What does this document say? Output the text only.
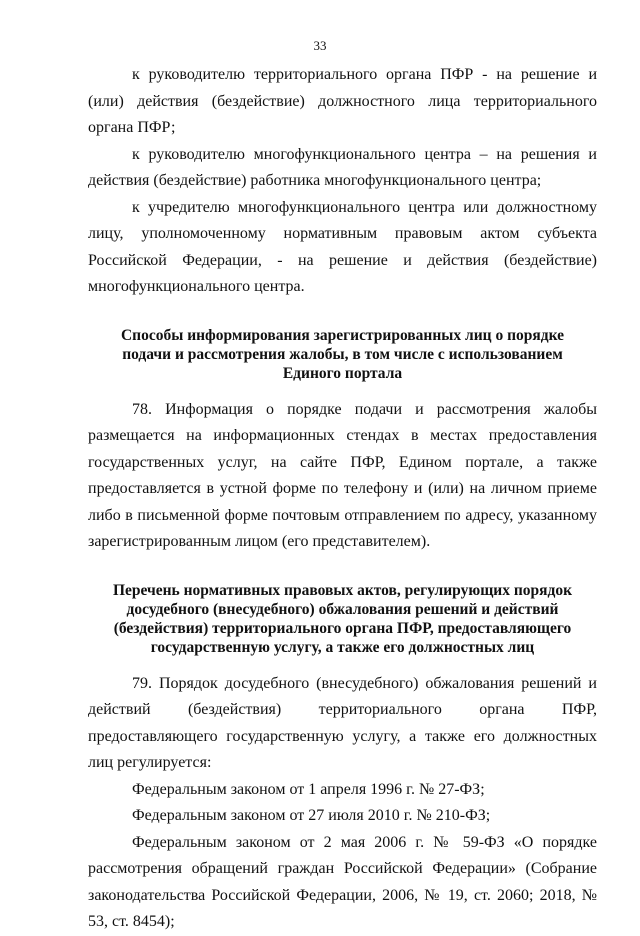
33

к руководителю территориального органа ПФР - на решение и (или) действия (бездействие) должностного лица территориального органа ПФР;

к руководителю многофункционального центра – на решения и действия (бездействие) работника многофункционального центра;

к учредителю многофункционального центра или должностному лицу, уполномоченному нормативным правовым актом субъекта Российской Федерации, - на решение и действия (бездействие) многофункционального центра.

Способы информирования зарегистрированных лиц о порядке подачи и рассмотрения жалобы, в том числе с использованием Единого портала

78. Информация о порядке подачи и рассмотрения жалобы размещается на информационных стендах в местах предоставления государственных услуг, на сайте ПФР, Едином портале, а также предоставляется в устной форме по телефону и (или) на личном приеме либо в письменной форме почтовым отправлением по адресу, указанному зарегистрированным лицом (его представителем).

Перечень нормативных правовых актов, регулирующих порядок досудебного (внесудебного) обжалования решений и действий (бездействия) территориального органа ПФР, предоставляющего государственную услугу, а также его должностных лиц

79. Порядок досудебного (внесудебного) обжалования решений и действий (бездействия) территориального органа ПФР, предоставляющего государственную услугу, а также его должностных лиц регулируется:

Федеральным законом от 1 апреля 1996 г. № 27-ФЗ;

Федеральным законом от 27 июля 2010 г. № 210-ФЗ;

Федеральным законом от 2 мая 2006 г. № 59-ФЗ «О порядке рассмотрения обращений граждан Российской Федерации» (Собрание законодательства Российской Федерации, 2006, № 19, ст. 2060; 2018, № 53, ст. 8454);
